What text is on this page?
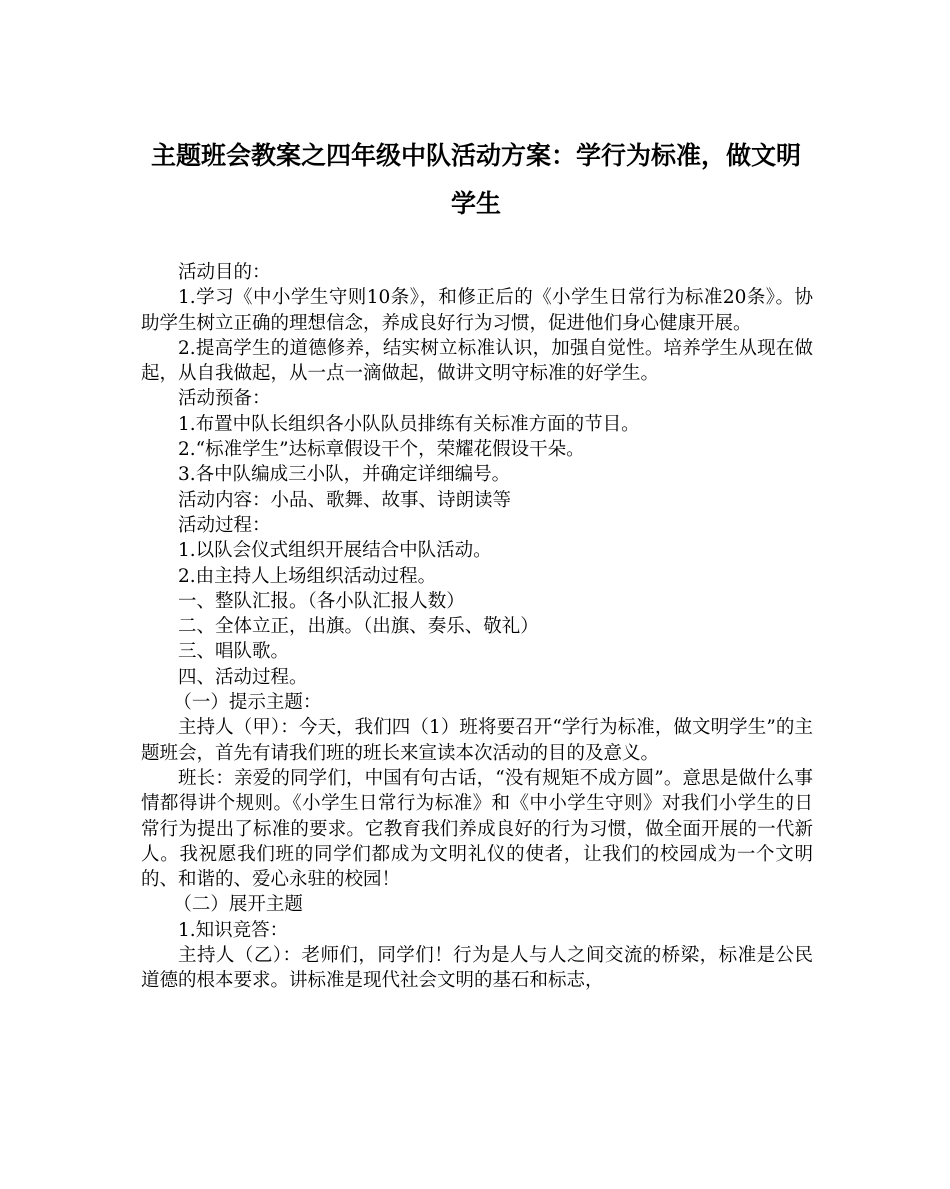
主题班会教案之四年级中队活动方案：学行为标准，做文明学生

活动目的：

1.学习《中小学生守则10条》，和修正后的《小学生日常行为标准20条》。协助学生树立正确的理想信念，养成良好行为习惯，促进他们身心健康开展。

2.提高学生的道德修养，结实树立标准认识，加强自觉性。培养学生从现在做起，从自我做起，从一点一滴做起，做讲文明守标准的好学生。

活动预备：

1.布置中队长组织各小队队员排练有关标准方面的节目。

2.“标准学生”达标章假设干个，荣耀花假设干朵。

3.各中队编成三小队，并确定详细编号。

活动内容：小品、歌舞、故事、诗朗读等

活动过程：

1.以队会仪式组织开展结合中队活动。

2.由主持人上场组织活动过程。

一、整队汇报。（各小队汇报人数）

二、全体立正，出旗。（出旗、奏乐、敬礼）

三、唱队歌。

四、活动过程。

（一）提示主题：

主持人（甲）：今天，我们四（1）班将要召开“学行为标准，做文明学生”的主题班会，首先有请我们班的班长来宣读本次活动的目的及意义。

班长：亲爱的同学们，中国有句古话，“没有规矩不成方圆”。意思是做什么事情都得讲个规则。《小学生日常行为标准》和《中小学生守则》对我们小学生的日常行为提出了标准的要求。它教育我们养成良好的行为习惯，做全面开展的一代新人。我祝愿我们班的同学们都成为文明礼仪的使者，让我们的校园成为一个文明的、和谐的、爱心永驻的校园！

（二）展开主题

1.知识竞答：

主持人（乙）：老师们，同学们！行为是人与人之间交流的桥梁，标准是公民道德的根本要求。讲标准是现代社会文明的基石和标志，
